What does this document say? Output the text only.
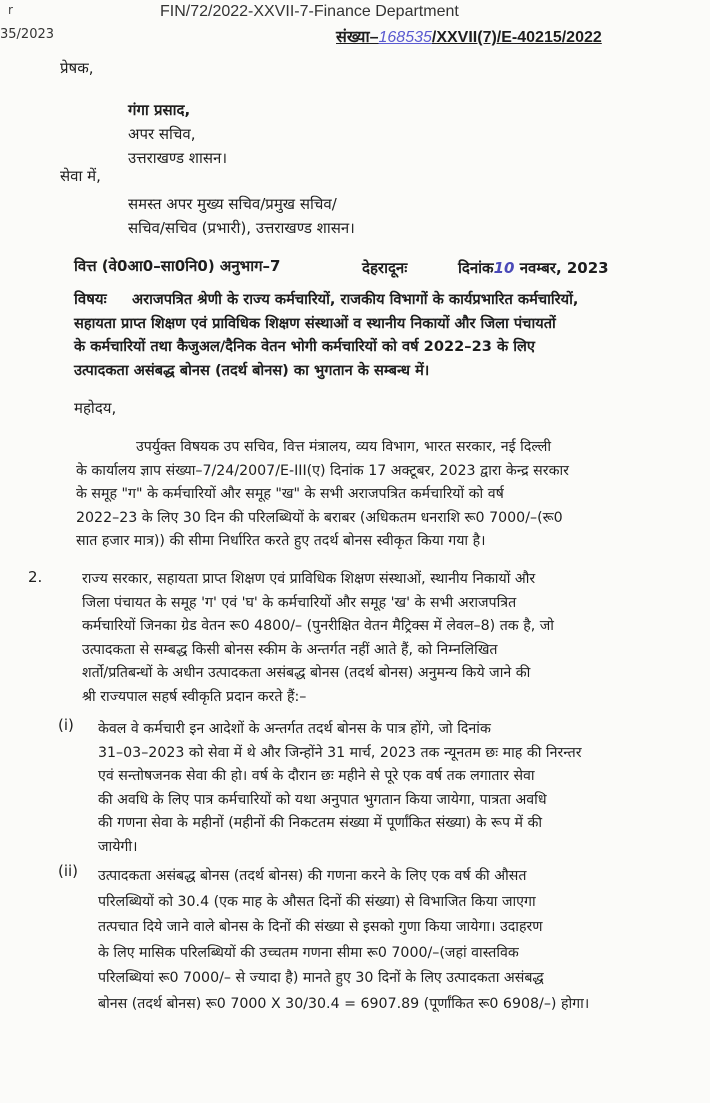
r	FIN/72/2022-XXVII-7-Finance Department
35/2023	संख्या–168535/XXVII(7)/E-40215/2022
प्रेषक,
गंगा प्रसाद,
अपर सचिव,
उत्तराखण्ड शासन।
सेवा में,
समस्त अपर मुख्य सचिव/प्रमुख सचिव/
सचिव/सचिव (प्रभारी), उत्तराखण्ड शासन।
वित्त (वे0आ0–सा0नि0) अनुभाग–7	देहरादूनः	दिनांक10 नवम्बर, 2023
विषयः	अराजपत्रित श्रेणी के राज्य कर्मचारियों, राजकीय विभागों के कार्यप्रभारित कर्मचारियों,
सहायता प्राप्त शिक्षण एवं प्राविधिक शिक्षण संस्थाओं व स्थानीय निकायों और जिला पंचायतों
के कर्मचारियों तथा कैजुअल/दैनिक वेतन भोगी कर्मचारियों को वर्ष 2022–23 के लिए
उत्पादकता असंबद्ध बोनस (तदर्थ बोनस) का भुगतान के सम्बन्ध में।
महोदय,
उपर्युक्त विषयक उप सचिव, वित्त मंत्रालय, व्यय विभाग, भारत सरकार, नई दिल्ली
के कार्यालय ज्ञाप संख्या–7/24/2007/E-III(ए) दिनांक 17 अक्टूबर, 2023 द्वारा केन्द्र सरकार
के समूह "ग" के कर्मचारियों और समूह "ख" के सभी अराजपत्रित कर्मचारियों को वर्ष
2022–23 के लिए 30 दिन की परिलब्धियों के बराबर (अधिकतम धनराशि रू0 7000/–(रू0
सात हजार मात्र)) की सीमा निर्धारित करते हुए तदर्थ बोनस स्वीकृत किया गया है।
2.	राज्य सरकार, सहायता प्राप्त शिक्षण एवं प्राविधिक शिक्षण संस्थाओं, स्थानीय निकायों और
जिला पंचायत के समूह 'ग' एवं 'घ' के कर्मचारियों और समूह 'ख' के सभी अराजपत्रित
कर्मचारियों जिनका ग्रेड वेतन रू0 4800/– (पुनरीक्षित वेतन मैट्रिक्स में लेवल–8) तक है, जो
उत्पादकता से सम्बद्ध किसी बोनस स्कीम के अन्तर्गत नहीं आते हैं, को निम्नलिखित
शर्तो/प्रतिबन्धों के अधीन उत्पादकता असंबद्ध बोनस (तदर्थ बोनस) अनुमन्य किये जाने की
श्री राज्यपाल सहर्ष स्वीकृति प्रदान करते हैं:–
(i) केवल वे कर्मचारी इन आदेशों के अन्तर्गत तदर्थ बोनस के पात्र होंगे, जो दिनांक
31–03–2023 को सेवा में थे और जिन्होंने 31 मार्च, 2023 तक न्यूनतम छः माह की निरन्तर
एवं सन्तोषजनक सेवा की हो। वर्ष के दौरान छः महीने से पूरे एक वर्ष तक लगातार सेवा
की अवधि के लिए पात्र कर्मचारियों को यथा अनुपात भुगतान किया जायेगा, पात्रता अवधि
की गणना सेवा के महीनों (महीनों की निकटतम संख्या में पूर्णांकित संख्या) के रूप में की
जायेगी।
(ii) उत्पादकता असंबद्ध बोनस (तदर्थ बोनस) की गणना करने के लिए एक वर्ष की औसत
परिलब्धियों को 30.4 (एक माह के औसत दिनों की संख्या) से विभाजित किया जाएगा
तत्पचात दिये जाने वाले बोनस के दिनों की संख्या से इसको गुणा किया जायेगा। उदाहरण
के लिए मासिक परिलब्धियों की उच्चतम गणना सीमा रू0 7000/–(जहां वास्तविक
परिलब्धियां रू0 7000/– से ज्यादा है) मानते हुए 30 दिनों के लिए उत्पादकता असंबद्ध
बोनस (तदर्थ बोनस) रू0 7000 X 30/30.4 = 6907.89 (पूर्णांकित रू0 6908/–) होगा।
